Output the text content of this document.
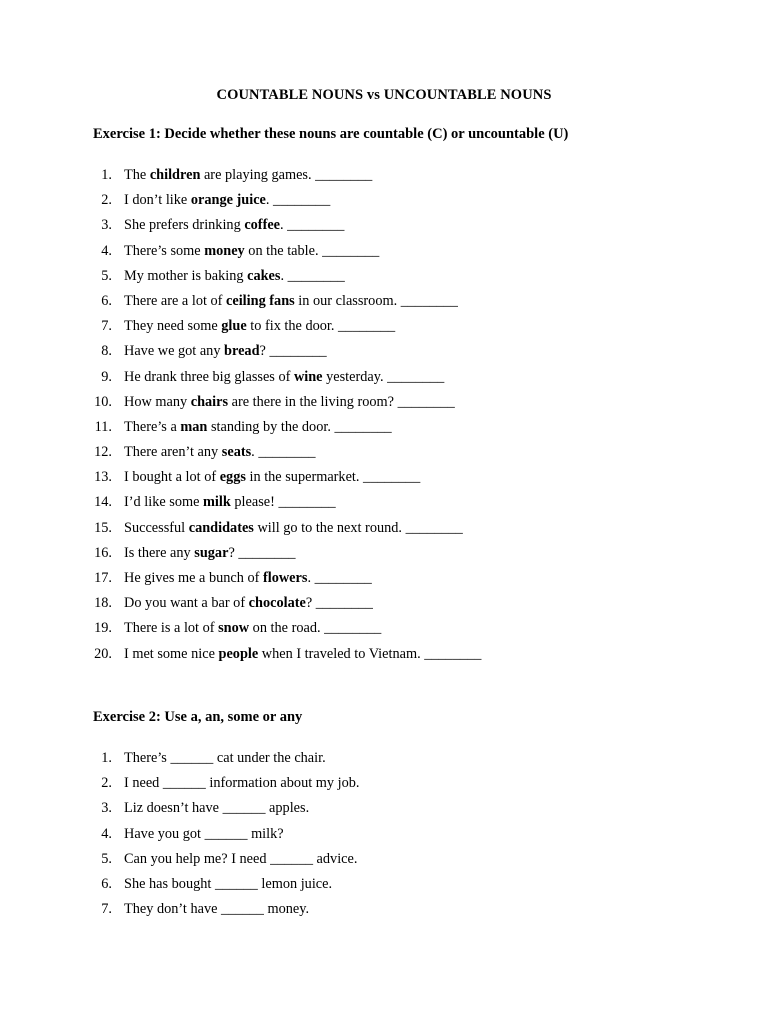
COUNTABLE NOUNS vs UNCOUNTABLE NOUNS
Exercise 1: Decide whether these nouns are countable (C) or uncountable (U)
1. The children are playing games. ________
2. I don’t like orange juice. ________
3. She prefers drinking coffee. ________
4. There’s some money on the table. ________
5. My mother is baking cakes. ________
6. There are a lot of ceiling fans in our classroom. ________
7. They need some glue to fix the door. ________
8. Have we got any bread? ________
9. He drank three big glasses of wine yesterday. ________
10. How many chairs are there in the living room? ________
11. There’s a man standing by the door. ________
12. There aren’t any seats. ________
13. I bought a lot of eggs in the supermarket. ________
14. I’d like some milk please! ________
15. Successful candidates will go to the next round. ________
16. Is there any sugar? ________
17. He gives me a bunch of flowers. ________
18. Do you want a bar of chocolate? ________
19. There is a lot of snow on the road. ________
20. I met some nice people when I traveled to Vietnam. ________
Exercise 2: Use a, an, some or any
1. There’s ______ cat under the chair.
2. I need ______ information about my job.
3. Liz doesn’t have ______ apples.
4. Have you got ______ milk?
5. Can you help me? I need ______ advice.
6. She has bought ______ lemon juice.
7. They don’t have ______ money.
